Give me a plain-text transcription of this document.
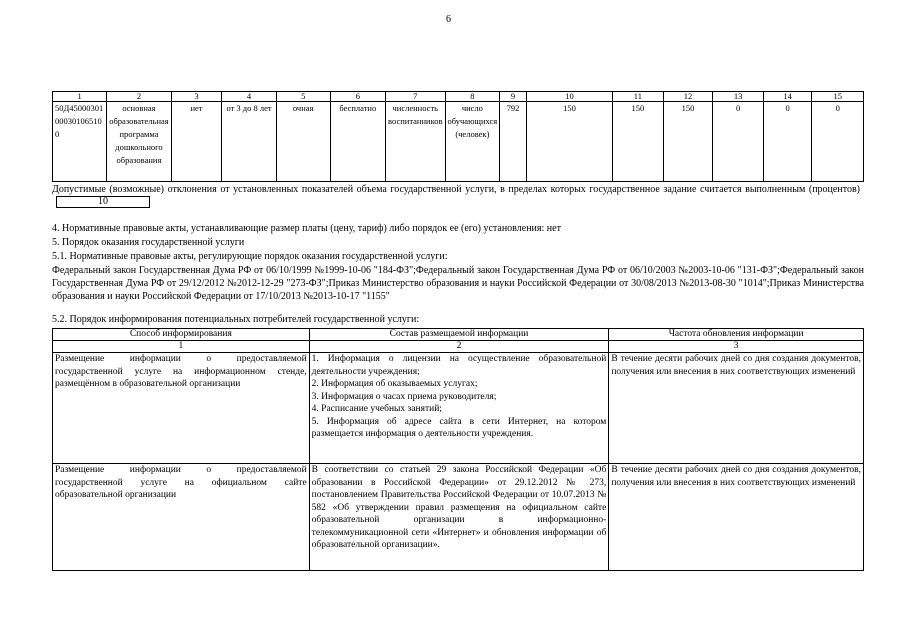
6
1	2	3	4	5	6	7	8	9	10	11	12	13	14	15
50Д45000301000301065100	основная образовательная программа дошкольного образования	нет	от 3 до 8 лет	очная	бесплатно	численность воспитанников	число обучающихся (человек)	792	150	150	150	0	0	0
Допустимые (возможные) отклонения от установленных показателей объема государственной услуги, в пределах которых государственное задание считается выполненным (процентов) 10
4. Нормативные правовые акты, устанавливающие размер платы (цену, тариф) либо порядок ее (его) установления: нет
5. Порядок оказания государственной услуги
5.1. Нормативные правовые акты, регулирующие порядок оказания государственной услуги:
Федеральный закон Государственная Дума РФ от 06/10/1999 №1999-10-06 "184-ФЗ";Федеральный закон Государственная Дума РФ от 06/10/2003 №2003-10-06 "131-ФЗ";Федеральный закон Государственная Дума РФ от 29/12/2012 №2012-12-29 "273-ФЗ";Приказ Министерство образования и науки Российской Федерации от 30/08/2013 №2013-08-30 "1014";Приказ Министерства образования и науки Российской Федерации от 17/10/2013 №2013-10-17 "1155"
5.2. Порядок информирования потенциальных потребителей государственной услуги:
Способ информирования	Состав размещаемой информации	Частота обновления информации
1	2	3
Размещение информации о предоставляемой государственной услуге на информационном стенде, размещённом в образовательной организации	1. Информация о лицензии на осуществление образовательной деятельности учреждения;
2. Информация об оказываемых услугах;
3. Информация о часах приема руководителя;
4. Расписание учебных занятий;
5. Информация об адресе сайта в сети Интернет, на котором размещается информация о деятельности учреждения.	В течение десяти рабочих дней со дня создания документов, получения или внесения в них соответствующих изменений
Размещение информации о предоставляемой государственной услуге на официальном сайте образовательной организации	В соответствии со статьей 29 закона Российской Федерации «Об образовании в Российской Федерации» от 29.12.2012 № 273, постановлением Правительства Российской Федерации от 10.07.2013 № 582 «Об утверждении правил размещения на официальном сайте образовательной организации в информационно-телекоммуникационной сети «Интернет» и обновления информации об образовательной организации».	В течение десяти рабочих дней со дня создания документов, получения или внесения в них соответствующих изменений
